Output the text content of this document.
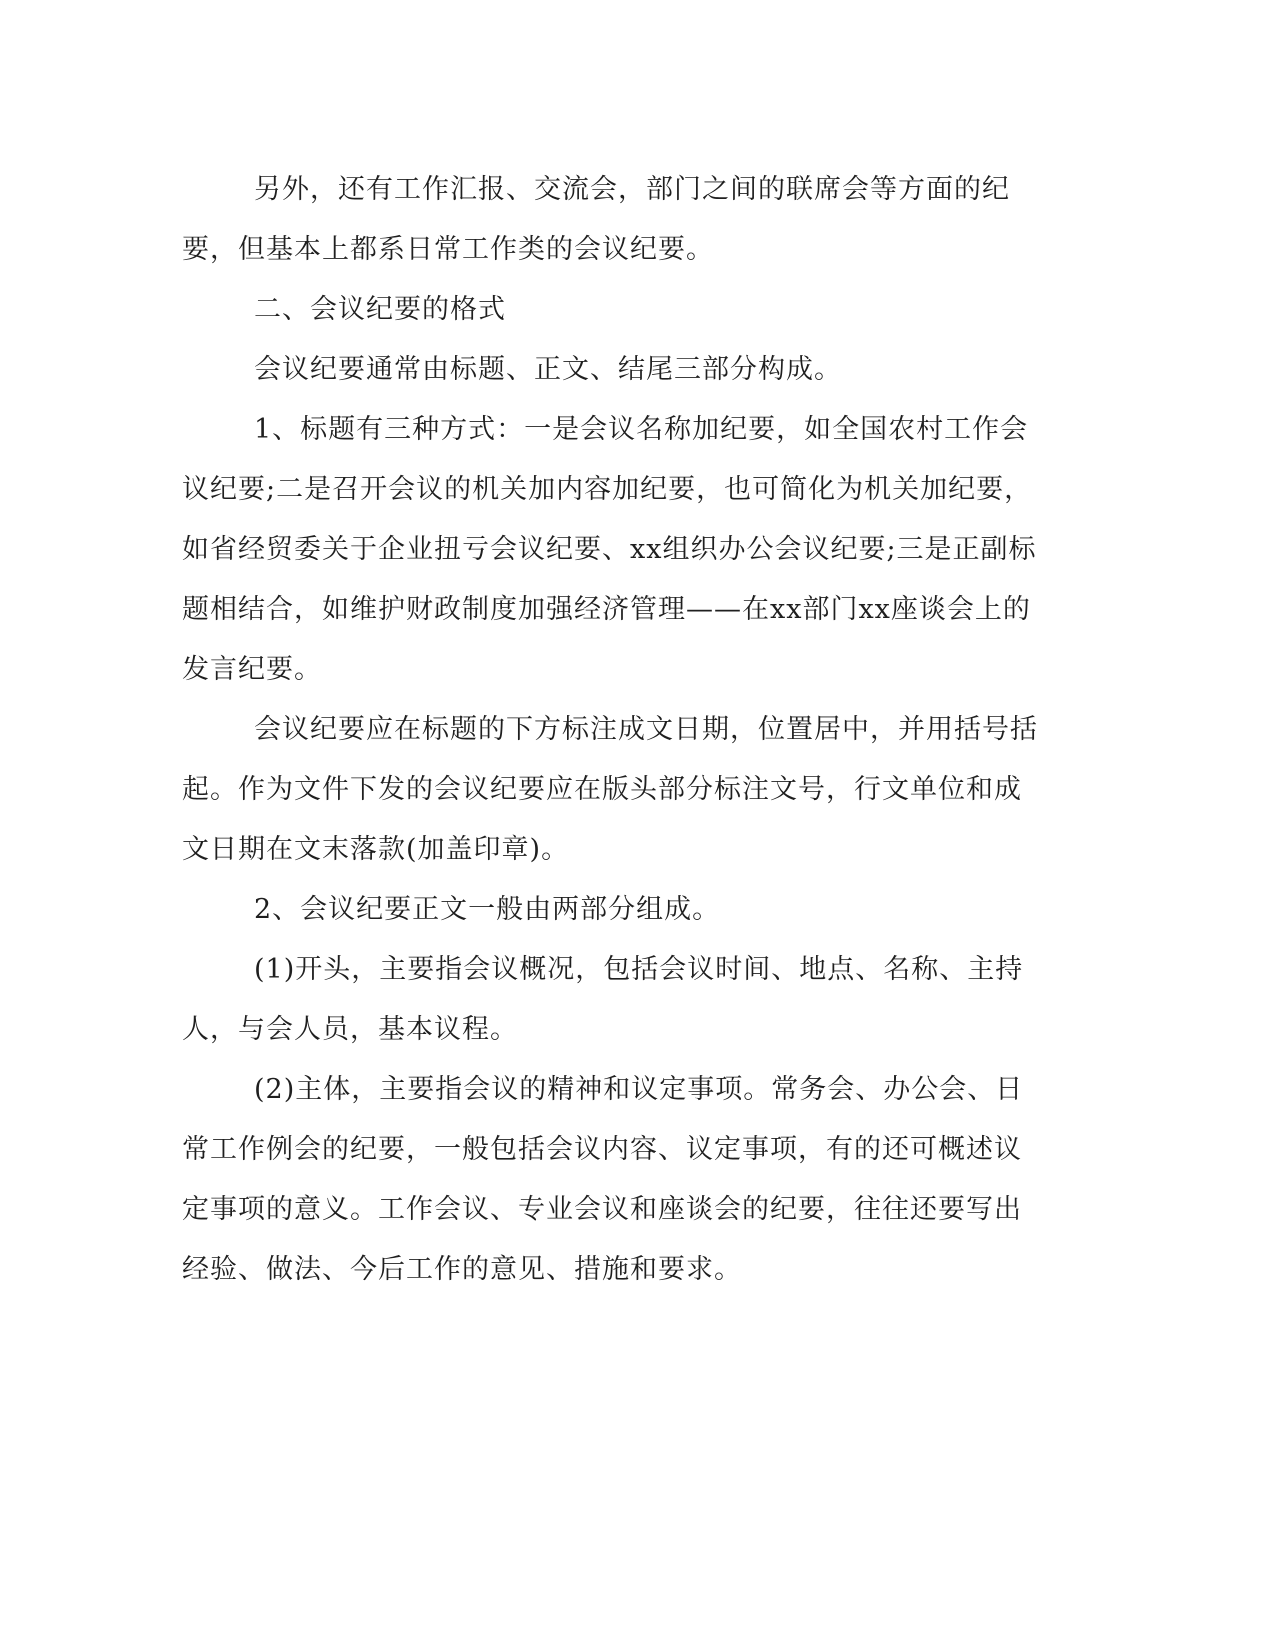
另外，还有工作汇报、交流会，部门之间的联席会等方面的纪要，但基本上都系日常工作类的会议纪要。

二、会议纪要的格式

会议纪要通常由标题、正文、结尾三部分构成。

1、标题有三种方式：一是会议名称加纪要，如全国农村工作会议纪要;二是召开会议的机关加内容加纪要，也可简化为机关加纪要，如省经贸委关于企业扭亏会议纪要、xx组织办公会议纪要;三是正副标题相结合，如维护财政制度加强经济管理——在xx部门xx座谈会上的发言纪要。

会议纪要应在标题的下方标注成文日期，位置居中，并用括号括起。作为文件下发的会议纪要应在版头部分标注文号，行文单位和成文日期在文末落款(加盖印章)。

2、会议纪要正文一般由两部分组成。

(1)开头，主要指会议概况，包括会议时间、地点、名称、主持人，与会人员，基本议程。

(2)主体，主要指会议的精神和议定事项。常务会、办公会、日常工作例会的纪要，一般包括会议内容、议定事项，有的还可概述议定事项的意义。工作会议、专业会议和座谈会的纪要，往往还要写出经验、做法、今后工作的意见、措施和要求。
